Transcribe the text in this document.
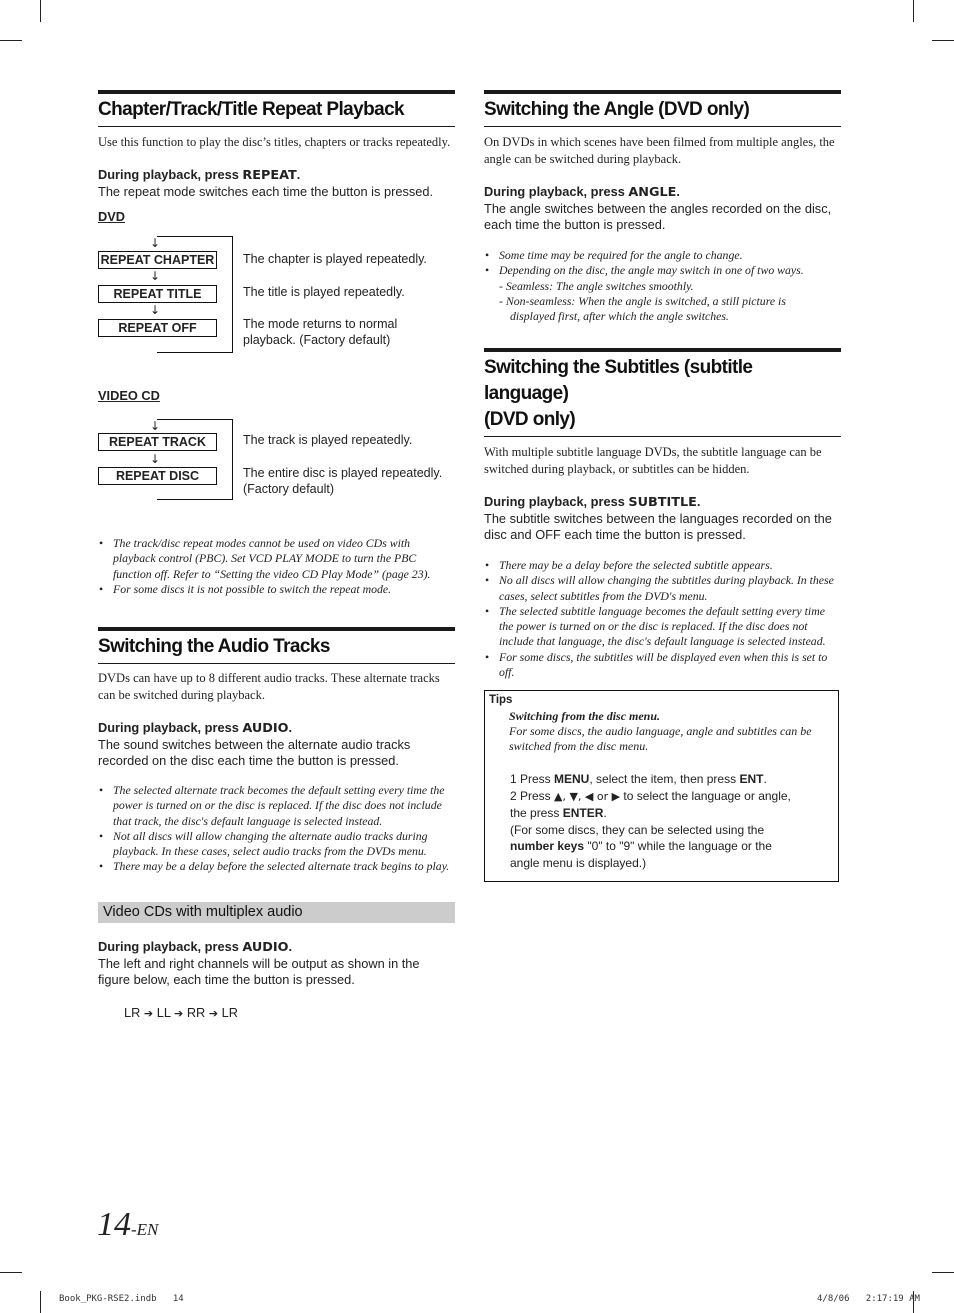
Chapter/Track/Title Repeat Playback

Use this function to play the disc’s titles, chapters or tracks repeatedly.

During playback, press REPEAT.

The repeat mode switches each time the button is pressed.

DVD

↓
REPEAT CHAPTER
↓
REPEAT TITLE
↓
REPEAT OFF
The chapter is played repeatedly.
The title is played repeatedly.
The mode returns to normal playback. (Factory default)
VIDEO CD
↓
REPEAT TRACK
↓
REPEAT DISC
The track is played repeatedly.
The entire disc is played repeatedly. (Factory default)
• The track/disc repeat modes cannot be used on video CDs with playback control (PBC). Set VCD PLAY MODE to turn the PBC function off. Refer to “Setting the video CD Play Mode” (page 23).
• For some discs it is not possible to switch the repeat mode.
Switching the Audio Tracks

DVDs can have up to 8 different audio tracks. These alternate tracks can be switched during playback.

During playback, press AUDIO.

The sound switches between the alternate audio tracks recorded on the disc each time the button is pressed.

• The selected alternate track becomes the default setting every time the power is turned on or the disc is replaced. If the disc does not include that track, the disc's default language is selected instead.
• Not all discs will allow changing the alternate audio tracks during playback. In these cases, select audio tracks from the DVDs menu.
• There may be a delay before the selected alternate track begins to play.
Video CDs with multiplex audio

During playback, press AUDIO.

The left and right channels will be output as shown in the figure below, each time the button is pressed.

LR ➔ LL ➔ RR ➔ LR

Switching the Angle (DVD only)

On DVDs in which scenes have been filmed from multiple angles, the angle can be switched during playback.

During playback, press ANGLE.

The angle switches between the angles recorded on the disc, each time the button is pressed.

• Some time may be required for the angle to change.
• Depending on the disc, the angle may switch in one of two ways.
- Seamless: The angle switches smoothly.
- Non-seamless: When the angle is switched, a still picture is
displayed first, after which the angle switches.
Switching the Subtitles (subtitle language)
(DVD only)

With multiple subtitle language DVDs, the subtitle language can be switched during playback, or subtitles can be hidden.

During playback, press SUBTITLE.

The subtitle switches between the languages recorded on the disc and OFF each time the button is pressed.

• There may be a delay before the selected subtitle appears.
• No all discs will allow changing the subtitles during playback. In these cases, select subtitles from the DVD's menu.
• The selected subtitle language becomes the default setting every time the power is turned on or the disc is replaced. If the disc does not include that language, the disc's default language is selected instead.
• For some discs, the subtitles will be displayed even when this is set to off.
Tips
Switching from the disc menu.
For some discs, the audio language, angle and subtitles can be switched from the disc menu.
1 Press MENU, select the item, then press ENT.
2 Press ▲, ▼, ◀ or ▶ to select the language or angle,
the press ENTER.
(For some discs, they can be selected using the
number keys "0" to "9" while the language or the
angle menu is displayed.)
14-EN
Book_PKG-RSE2.indb 14	4/8/06 2:17:19 AM
